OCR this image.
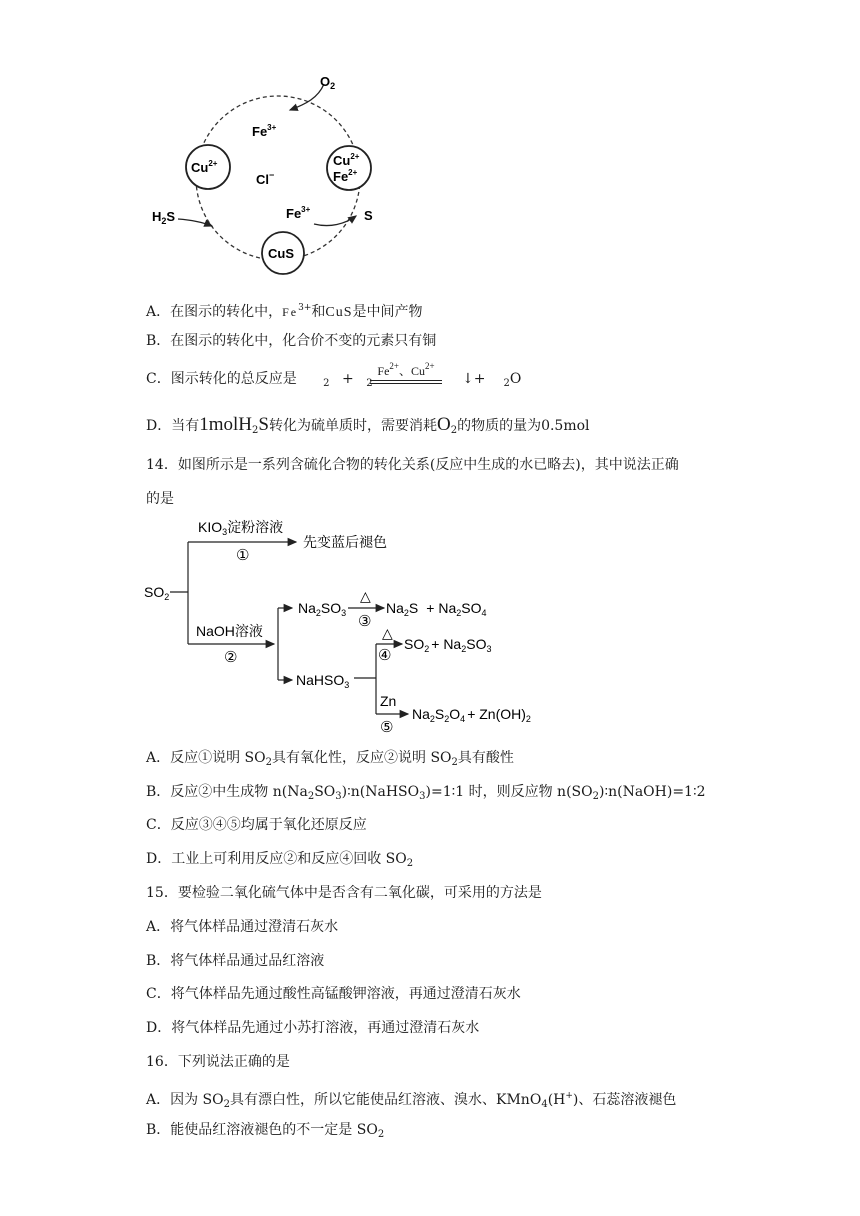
$O_2$
$Fe^{3+}$
$Cu^{2+}$
Cl−
$Cu^{2+}$
$Fe^{2+}$
$H_2S$	$Fe^{3+}$	S
CuS
A．在图示的转化中，$Fe^{3+}$和CuS是中间产物
B．在图示的转化中，化合价不变的元素只有铜
C．图示转化的总反应是	$_2$ + $_2$
$Fe^{2+}$、$Cu^{2+}$
↓+ $_2$O
D．当有1molH$_2$S转化为硫单质时，需要消耗$O_2$的物质的量为0.5mol
14．如图所示是一系列含硫化合物的转化关系(反应中生成的水已略去)，其中说法正确
的是
$KIO_3$淀粉溶液
①
先变蓝后褪色
$SO_2$
NaOH溶液
②
$Na_2SO_3$
△
③
$Na_2S + Na_2SO_4$
△
④
$SO_2 + Na_2SO_3$
NaHSO$_3$
Zn
⑤
$Na_2S_2O_4 + Zn(OH)_2$
A．反应①说明 $SO_2$具有氧化性，反应②说明 $SO_2$具有酸性
B．反应②中生成物 $n(Na_2SO_3)∶n(NaHSO_3)=1∶1$ 时，则反应物 $n(SO_2)∶n(NaOH)=1∶2$
C．反应③④⑤均属于氧化还原反应
D．工业上可利用反应②和反应④回收 $SO_2$
15．要检验二氧化硫气体中是否含有二氧化碳，可采用的方法是
A．将气体样品通过澄清石灰水
B．将气体样品通过品红溶液
C．将气体样品先通过酸性高锰酸钾溶液，再通过澄清石灰水
D．将气体样品先通过小苏打溶液，再通过澄清石灰水
16．下列说法正确的是
A．因为 $SO_2$具有漂白性，所以它能使品红溶液、溴水、KMnO$_4$(H+)、石蕊溶液褪色
B．能使品红溶液褪色的不一定是 $SO_2$
